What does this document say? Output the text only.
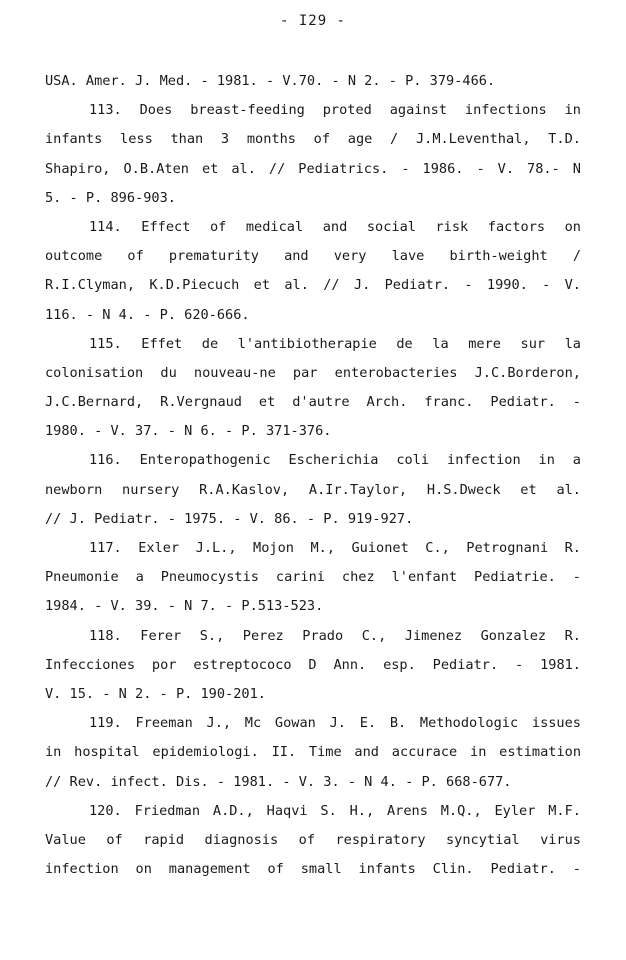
- I29 -
USA. Amer. J. Med. - 1981. - V.70. - N 2. - P. 379-466.
113. Does breast-feeding proted against infections in
infants less than 3 months of age / J.M.Leventhal, T.D.
Shapiro, O.B.Aten et al. // Pediatrics. - 1986. - V. 78.- N
5. - P. 896-903.
114. Effect of medical and social risk factors on
outcome of prematurity and very lave birth-weight /
R.I.Clyman, K.D.Piecuch et al. // J. Pediatr. - 1990. - V.
116. - N 4. - P. 620-666.
115. Effet de l'antibiotherapie de la mere sur la
colonisation du nouveau-ne par enterobacteries J.C.Borderon,
J.C.Bernard, R.Vergnaud et d'autre Arch. franc. Pediatr. -
1980. - V. 37. - N 6. - P. 371-376.
116. Enteropathogenic Escherichia coli infection in a
newborn nursery R.A.Kaslov, A.Ir.Taylor, H.S.Dweck et al.
// J. Pediatr. - 1975. - V. 86. - P. 919-927.
117. Exler J.L., Mojon M., Guionet C., Petrognani R.
Pneumonie a Pneumocystis carini chez l'enfant Pediatrie. -
1984. - V. 39. - N 7. - P.513-523.
118. Ferer S., Perez Prado C., Jimenez Gonzalez R.
Infecciones por estreptococo D Ann. esp. Pediatr. - 1981.
V. 15. - N 2. - P. 190-201.
119. Freeman J., Mc Gowan J. E. B. Methodologic issues
in hospital epidemiologi. II. Time and accurace in estimation
// Rev. infect. Dis. - 1981. - V. 3. - N 4. - P. 668-677.
120. Friedman A.D., Haqvi S. H., Arens M.Q., Eyler M.F.
Value of rapid diagnosis of respiratory syncytial virus
infection on management of small infants Clin. Pediatr. -
